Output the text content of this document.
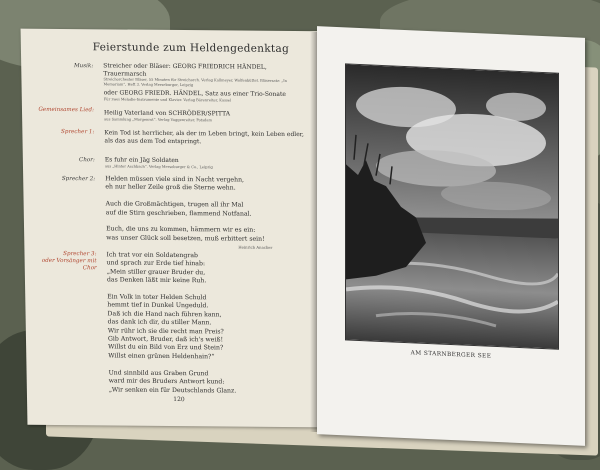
Feierstunde zum Heldengedenktag
Musik: Streicher oder Bläser: GEORG FRIEDRICH HÄNDEL, Trauermarsch
Streichorchester Bläser, 55 Minuten für Streichorch. Verlag Kallmeyer, Wolfenbüttel. Bläsersatz: „In Memoriam“, Heft 3. Verlag Merseburger, Leipzig
oder GEORG FRIEDR. HÄNDEL, Satz aus einer Trio-Sonate
Für zwei Melodie-Instrumente und Klavier. Verlag Bärenreiter, Kassel
Gemeinsames Lied: Heilig Vaterland von SCHRÖDER/SPITTA
aus Sammlung „Morgenrot“. Verlag Voggenreiter, Potsdam
Sprecher 1: Kein Tod ist herrlicher, als der im Leben bringt, kein Leben edler, als das aus dem Tod entspringt.
Chor: Es fuhr ein Jäg Soldaten
aus „Hinter Aschbach“. Verlag Merseburger & Co., Leipzig
Sprecher 2: Helden müssen viele sind in Nacht vergehn,
eh nur heller Zeile groß die Sterne wehn.

Auch die Großmächtigen, trugen all ihr Mal
auf die Stirn geschrieben, flammend Notfanal.

Euch, die uns zu kommen, hämmern wir es ein:
was unser Glück soll besetzen, muß erbittert sein!
Heinrich Anacker
Sprecher 3:
oder Vorsänger mit Chor
Ich trat vor ein Soldatengrab
und sprach zur Erde tief hinab:
„Mein stiller grauer Bruder du,
das Denken läßt mir keine Ruh.

Ein Volk in toter Helden Schuld
hemmt tief in Dunkel Ungeduld.
Daß ich die Hand nach führen kann,
das dank ich dir, du stiller Mann.
Wir rühr ich sie die recht man Preis?
Gib Antwort, Bruder, daß ich's weiß!
Willst du ein Bild von Erz und Stein?
Willst einen grünen Heldenhain?“

Und sinnbild aus Graben Grund
ward mir des Bruders Antwort kund:
„Wir senken ein für Deutschlands Glanz.
120
AM STARNBERGER SEE
